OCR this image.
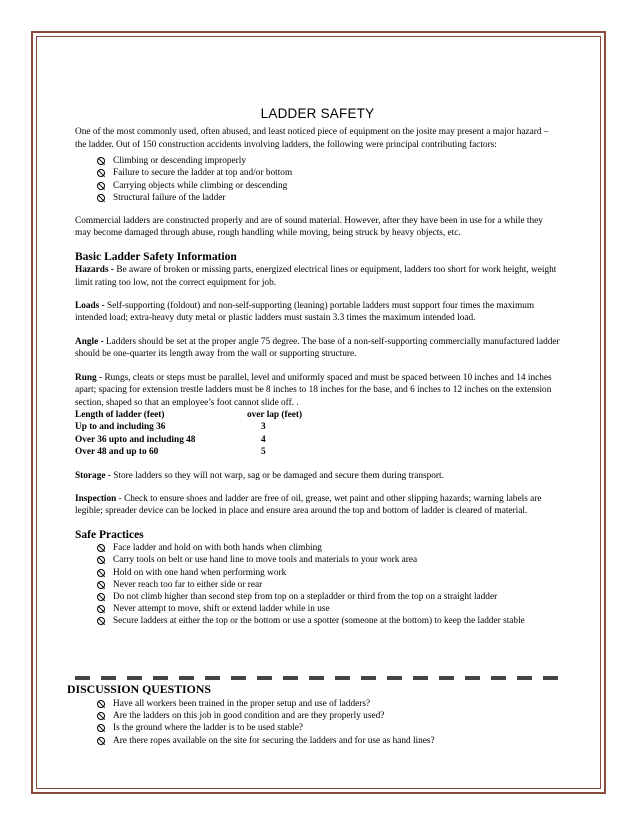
LADDER SAFETY

One of the most commonly used, often abused, and least noticed piece of equipment on the josite may present a major hazard – the ladder. Out of 150 construction accidents involving ladders, the following were principal contributing factors:

Climbing or descending improperly
Failure to secure the ladder at top and/or bottom
Carrying objects while climbing or descending
Structural failure of the ladder

Commercial ladders are constructed properly and are of sound material. However, after they have been in use for a while they may become damaged through abuse, rough handling while moving, being struck by heavy objects, etc.

Basic Ladder Safety Information

Hazards - Be aware of broken or missing parts, energized electrical lines or equipment, ladders too short for work height, weight limit rating too low, not the correct equipment for job.

Loads - Self-supporting (foldout) and non-self-supporting (leaning) portable ladders must support four times the maximum intended load; extra-heavy duty metal or plastic ladders must sustain 3.3 times the maximum intended load.

Angle - Ladders should be set at the proper angle 75 degree. The base of a non-self-supporting commercially manufactured ladder should be one-quarter its length away from the wall or supporting structure.

Rung - Rungs, cleats or steps must be parallel, level and uniformly spaced and must be spaced between 10 inches and 14 inches apart; spacing for extension trestle ladders must be 8 inches to 18 inches for the base, and 6 inches to 12 inches on the extension section, shaped so that an employee’s foot cannot slide off. .

Length of ladder (feet)	over lap (feet)
Up to and including 36	3
Over 36 upto and including 48	4
Over 48 and up to 60	5

Storage - Store ladders so they will not warp, sag or be damaged and secure them during transport.

Inspection - Check to ensure shoes and ladder are free of oil, grease, wet paint and other slipping hazards; warning labels are legible; spreader device can be locked in place and ensure area around the top and bottom of ladder is cleared of material.

Safe Practices
Face ladder and hold on with both hands when climbing
Carry tools on belt or use hand line to move tools and materials to your work area
Hold on with one hand when performing work
Never reach too far to either side or rear
Do not climb higher than second step from top on a stepladder or third from the top on a straight ladder
Never attempt to move, shift or extend ladder while in use
Secure ladders at either the top or the bottom or use a spotter (someone at the bottom) to keep the ladder stable
DISCUSSION QUESTIONS
Have all workers been trained in the proper setup and use of ladders?
Are the ladders on this job in good condition and are they properly used?
Is the ground where the ladder is to be used stable?
Are there ropes available on the site for securing the ladders and for use as hand lines?
